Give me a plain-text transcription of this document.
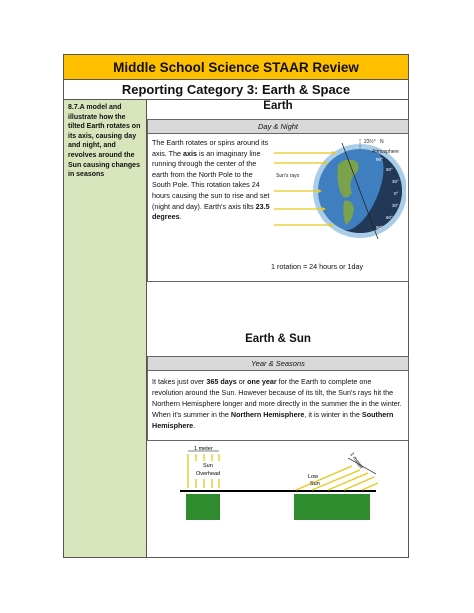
Middle School Science STAAR Review
Reporting Category 3: Earth & Space
8.7.A model and illustrate how the tilted Earth rotates on its axis, causing day and night, and revolves around the Sun causing changes in seasons
Earth
Day & Night
The Earth rotates or spins around its axis. The axis is an imaginary line running through the center of the earth from the North Pole to the South Pole. This rotation takes 24 hours causing the sun to rise and set (night and day). Earth's axis tilts 23.5 degrees.
1 rotation = 24 hours or 1day
Sun's rays
23½° N
Atmosphere
90°
60°
30°
0°
30°
60°
90°
Earth & Sun
Year & Seasons
It takes just over 365 days or one year for the Earth to complete one revolution around the Sun. However because of its tilt, the Sun's rays hit the Northern Hemisphere longer and more directly in the summer the in the winter. When it's summer in the Northern Hemisphere, it is winter in the Southern Hemisphere.
1 meter
Sun
Overhead
1 meter
Low
Sun
